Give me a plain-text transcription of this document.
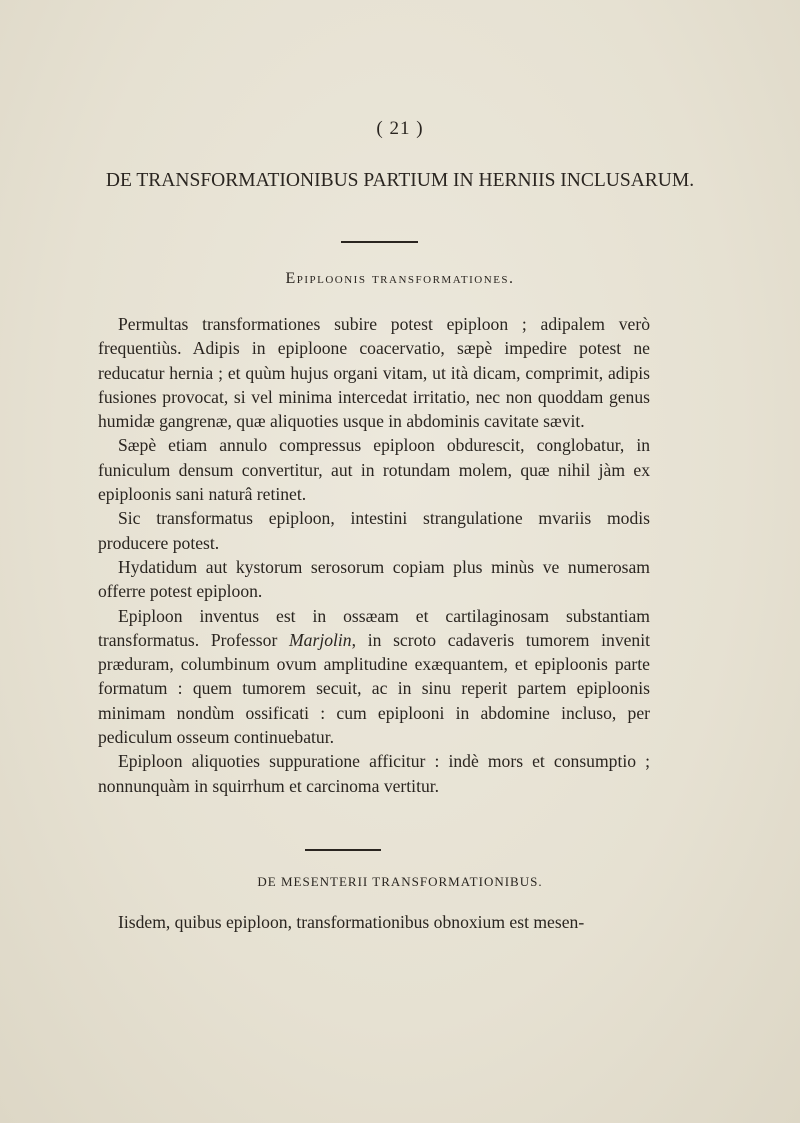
( 21 )
DE TRANSFORMATIONIBUS PARTIUM IN HERNIIS INCLUSARUM.
Epiploonis transformationes.

Permultas transformationes subire potest epiploon ; adipalem verò frequentiùs. Adipis in epiploone coacervatio, sæpè impedire potest ne reducatur hernia ; et quùm hujus organi vitam, ut ità dicam, comprimit, adipis fusiones provocat, si vel minima intercedat irritatio, nec non quoddam genus humidæ gangrenæ, quæ aliquoties usque in abdominis cavitate sævit.

Sæpè etiam annulo compressus epiploon obdurescit, conglobatur, in funiculum densum convertitur, aut in rotundam molem, quæ nihil jàm ex epiploonis sani naturâ retinet.

Sic transformatus epiploon, intestini strangulatione mvariis modis producere potest.

Hydatidum aut kystorum serosorum copiam plus minùs ve numerosam offerre potest epiploon.

Epiploon inventus est in ossæam et cartilaginosam substantiam transformatus. Professor Marjolin, in scroto cadaveris tumorem invenit præduram, columbinum ovum amplitudine exæquantem, et epiploonis parte formatum : quem tumorem secuit, ac in sinu reperit partem epiploonis minimam nondùm ossificati : cum epiplooni in abdomine incluso, per pediculum osseum continuebatur.

Epiploon aliquoties suppuratione afficitur : indè mors et consumptio ; nonnunquàm in squirrhum et carcinoma vertitur.

DE MESENTERII TRANSFORMATIONIBUS.
Iisdem, quibus epiploon, transformationibus obnoxium est mesen-
